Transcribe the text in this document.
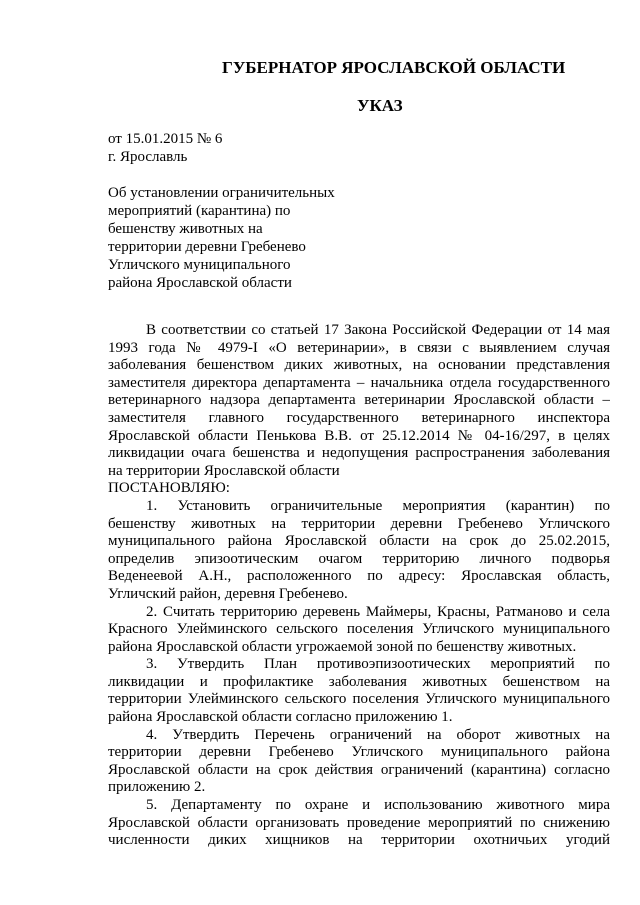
ГУБЕРНАТОР ЯРОСЛАВСКОЙ ОБЛАСТИ
УКАЗ
от 15.01.2015 № 6
г. Ярославль
Об установлении ограничительных
мероприятий (карантина) по
бешенству животных на
территории деревни Гребенево
Угличского муниципального
района Ярославской области
В соответствии со статьей 17 Закона Российской Федерации от 14 мая
1993 года № 4979-I «О ветеринарии», в связи с выявлением случая
заболевания бешенством диких животных, на основании представления
заместителя директора департамента – начальника отдела государственного
ветеринарного надзора департамента ветеринарии Ярославской области –
заместителя главного государственного ветеринарного инспектора
Ярославской области Пенькова В.В. от 25.12.2014 № 04-16/297, в целях
ликвидации очага бешенства и недопущения распространения заболевания
на территории Ярославской области
ПОСТАНОВЛЯЮ:
1. Установить ограничительные мероприятия (карантин) по
бешенству животных на территории деревни Гребенево Угличского
муниципального района Ярославской области на срок до 25.02.2015,
определив эпизоотическим очагом территорию личного подворья
Веденеевой А.Н., расположенного по адресу: Ярославская область,
Угличский район, деревня Гребенево.
2. Считать территорию деревень Маймеры, Красны, Ратманово и села
Красного Улейминского сельского поселения Угличского муниципального
района Ярославской области угрожаемой зоной по бешенству животных.
3. Утвердить План противоэпизоотических мероприятий по
ликвидации и профилактике заболевания животных бешенством на
территории Улейминского сельского поселения Угличского муниципального
района Ярославской области согласно приложению 1.
4. Утвердить Перечень ограничений на оборот животных на
территории деревни Гребенево Угличского муниципального района
Ярославской области на срок действия ограничений (карантина) согласно
приложению 2.
5. Департаменту по охране и использованию животного мира
Ярославской области организовать проведение мероприятий по снижению
численности диких хищников на территории охотничьих угодий
